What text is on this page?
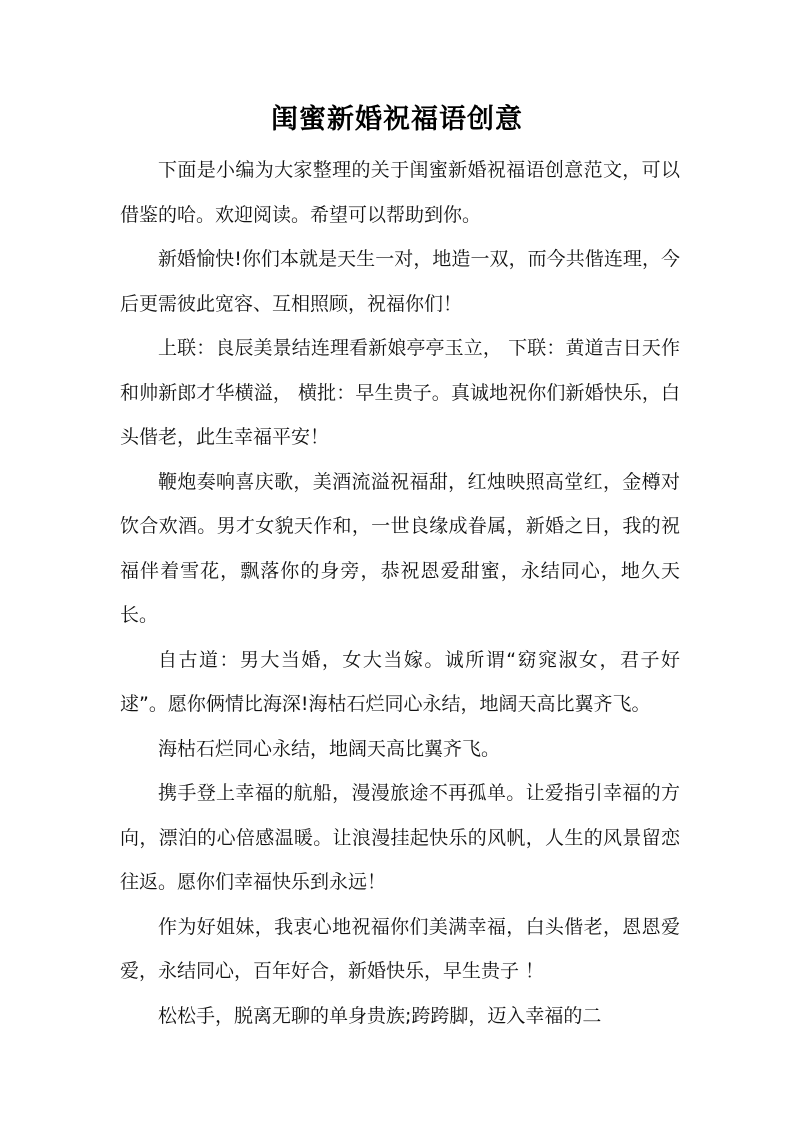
闺蜜新婚祝福语创意

下面是小编为大家整理的关于闺蜜新婚祝福语创意范文，可以借鉴的哈。欢迎阅读。希望可以帮助到你。

新婚愉快!你们本就是天生一对，地造一双，而今共偕连理，今后更需彼此宽容、互相照顾，祝福你们！

上联：良辰美景结连理看新娘亭亭玉立， 下联：黄道吉日天作和帅新郎才华横溢， 横批：早生贵子。真诚地祝你们新婚快乐，白头偕老，此生幸福平安！

鞭炮奏响喜庆歌，美酒流溢祝福甜，红烛映照高堂红，金樽对饮合欢酒。男才女貌天作和，一世良缘成眷属，新婚之日，我的祝福伴着雪花，飘落你的身旁，恭祝恩爱甜蜜，永结同心，地久天长。

自古道：男大当婚，女大当嫁。诚所谓“窈窕淑女，君子好逑”。愿你俩情比海深!海枯石烂同心永结，地阔天高比翼齐飞。

海枯石烂同心永结，地阔天高比翼齐飞。

携手登上幸福的航船，漫漫旅途不再孤单。让爱指引幸福的方向，漂泊的心倍感温暖。让浪漫挂起快乐的风帆，人生的风景留恋往返。愿你们幸福快乐到永远！

作为好姐妹，我衷心地祝福你们美满幸福，白头偕老，恩恩爱爱，永结同心，百年好合，新婚快乐，早生贵子 ！

松松手，脱离无聊的单身贵族;跨跨脚，迈入幸福的二
